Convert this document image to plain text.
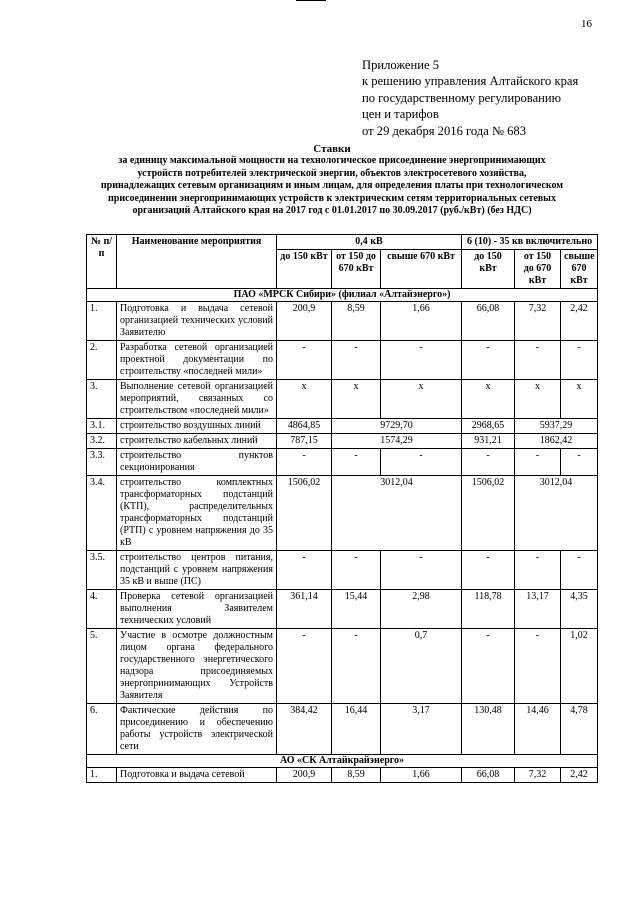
16
Приложение 5
к решению управления Алтайского края
по государственному регулированию
цен и тарифов
от 29 декабря 2016 года № 683
Ставки
за единицу максимальной мощности на технологическое присоединение энергопринимающих
устройств потребителей электрической энергии, объектов электросетевого хозяйства,
принадлежащих сетевым организациям и иным лицам, для определения платы при технологическом
присоединении энергопринимающих устройств к электрическим сетям территориальных сетевых
организаций Алтайского края на 2017 год с 01.01.2017 по 30.09.2017 (руб./кВт) (без НДС)
№ п/п	Наименование мероприятия	0,4 кВ			6 (10) - 35 кв включительно		
		до 150 кВт	от 150 до 670 кВт	свыше 670 кВт	до 150 кВт	от 150 до 670 кВт	свыше 670 кВт
ПАО «МРСК Сибири» (филиал «Алтайэнерго»)							
1.	Подготовка и выдача сетевой организацией технических условий Заявителю	200,9	8,59	1,66	66,08	7,32	2,42
2.	Разработка сетевой организацией проектной документации по строительству «последней мили»	-	-	-	-	-	-
3.	Выполнение сетевой организацией мероприятий, связанных со строительством «последней мили»	х	х	х	х	х	х
3.1.	строительство воздушных линий	4864,85	9729,70		2968,65	5937,29	
3.2.	строительство кабельных линий	787,15	1574,29		931,21	1862,42	
3.3.	строительство пунктов секционирования	-	-	-	-	-	-
3.4.	строительство комплектных трансформаторных подстанций (КТП), распределительных трансформаторных подстанций (РТП) с уровнем напряжения до 35 кВ	1506,02	3012,04		1506,02	3012,04	
3.5.	строительство центров питания, подстанций с уровнем напряжения 35 кВ и выше (ПС)	-	-	-	-	-	-
4.	Проверка сетевой организацией выполнения Заявителем технических условий	361,14	15,44	2,98	118,78	13,17	4,35
5.	Участие в осмотре должностным лицом органа федерального государственного энергетического надзора присоединяемых энергопринимающих Устройств Заявителя	-	-	0,7	-	-	1,02
6.	Фактические действия по присоединению и обеспечению работы устройств электрической сети	384,42	16,44	3,17	130,48	14,46	4,78
АО «СК Алтайкрайэнерго»							
1.	Подготовка и выдача сетевой	200,9	8,59	1,66	66,08	7,32	2,42
